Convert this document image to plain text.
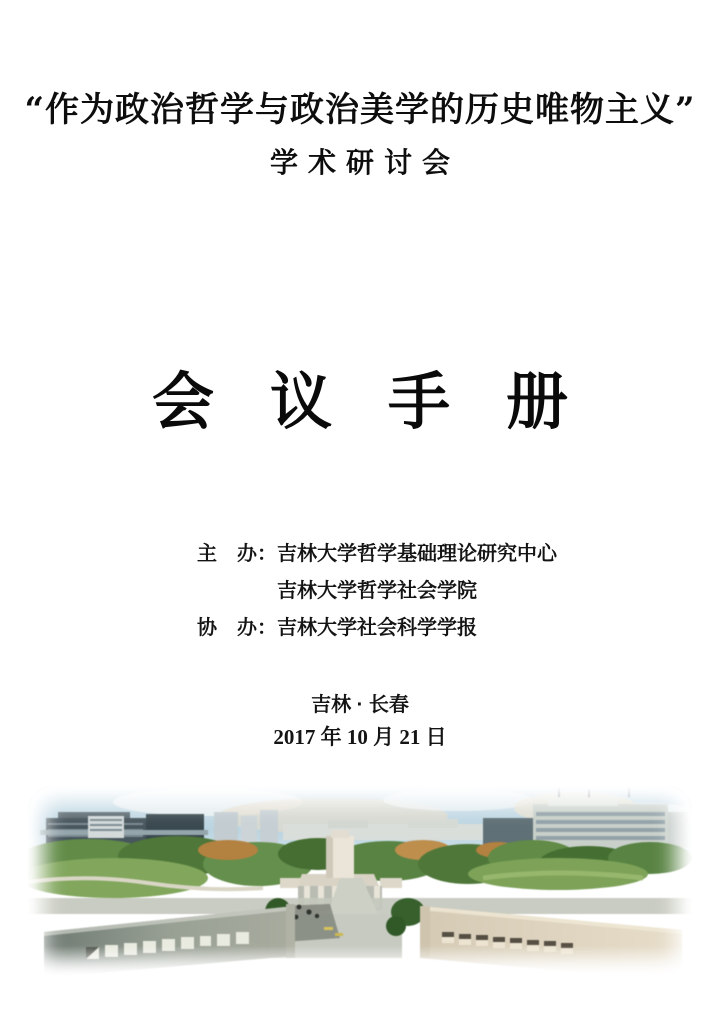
“作为政治哲学与政治美学的历史唯物主义”
学术研讨会
会议手册
主　办：吉林大学哲学基础理论研究中心
吉林大学哲学社会学院
协　办：吉林大学社会科学学报
吉林 · 长春
2017 年 10 月 21 日
